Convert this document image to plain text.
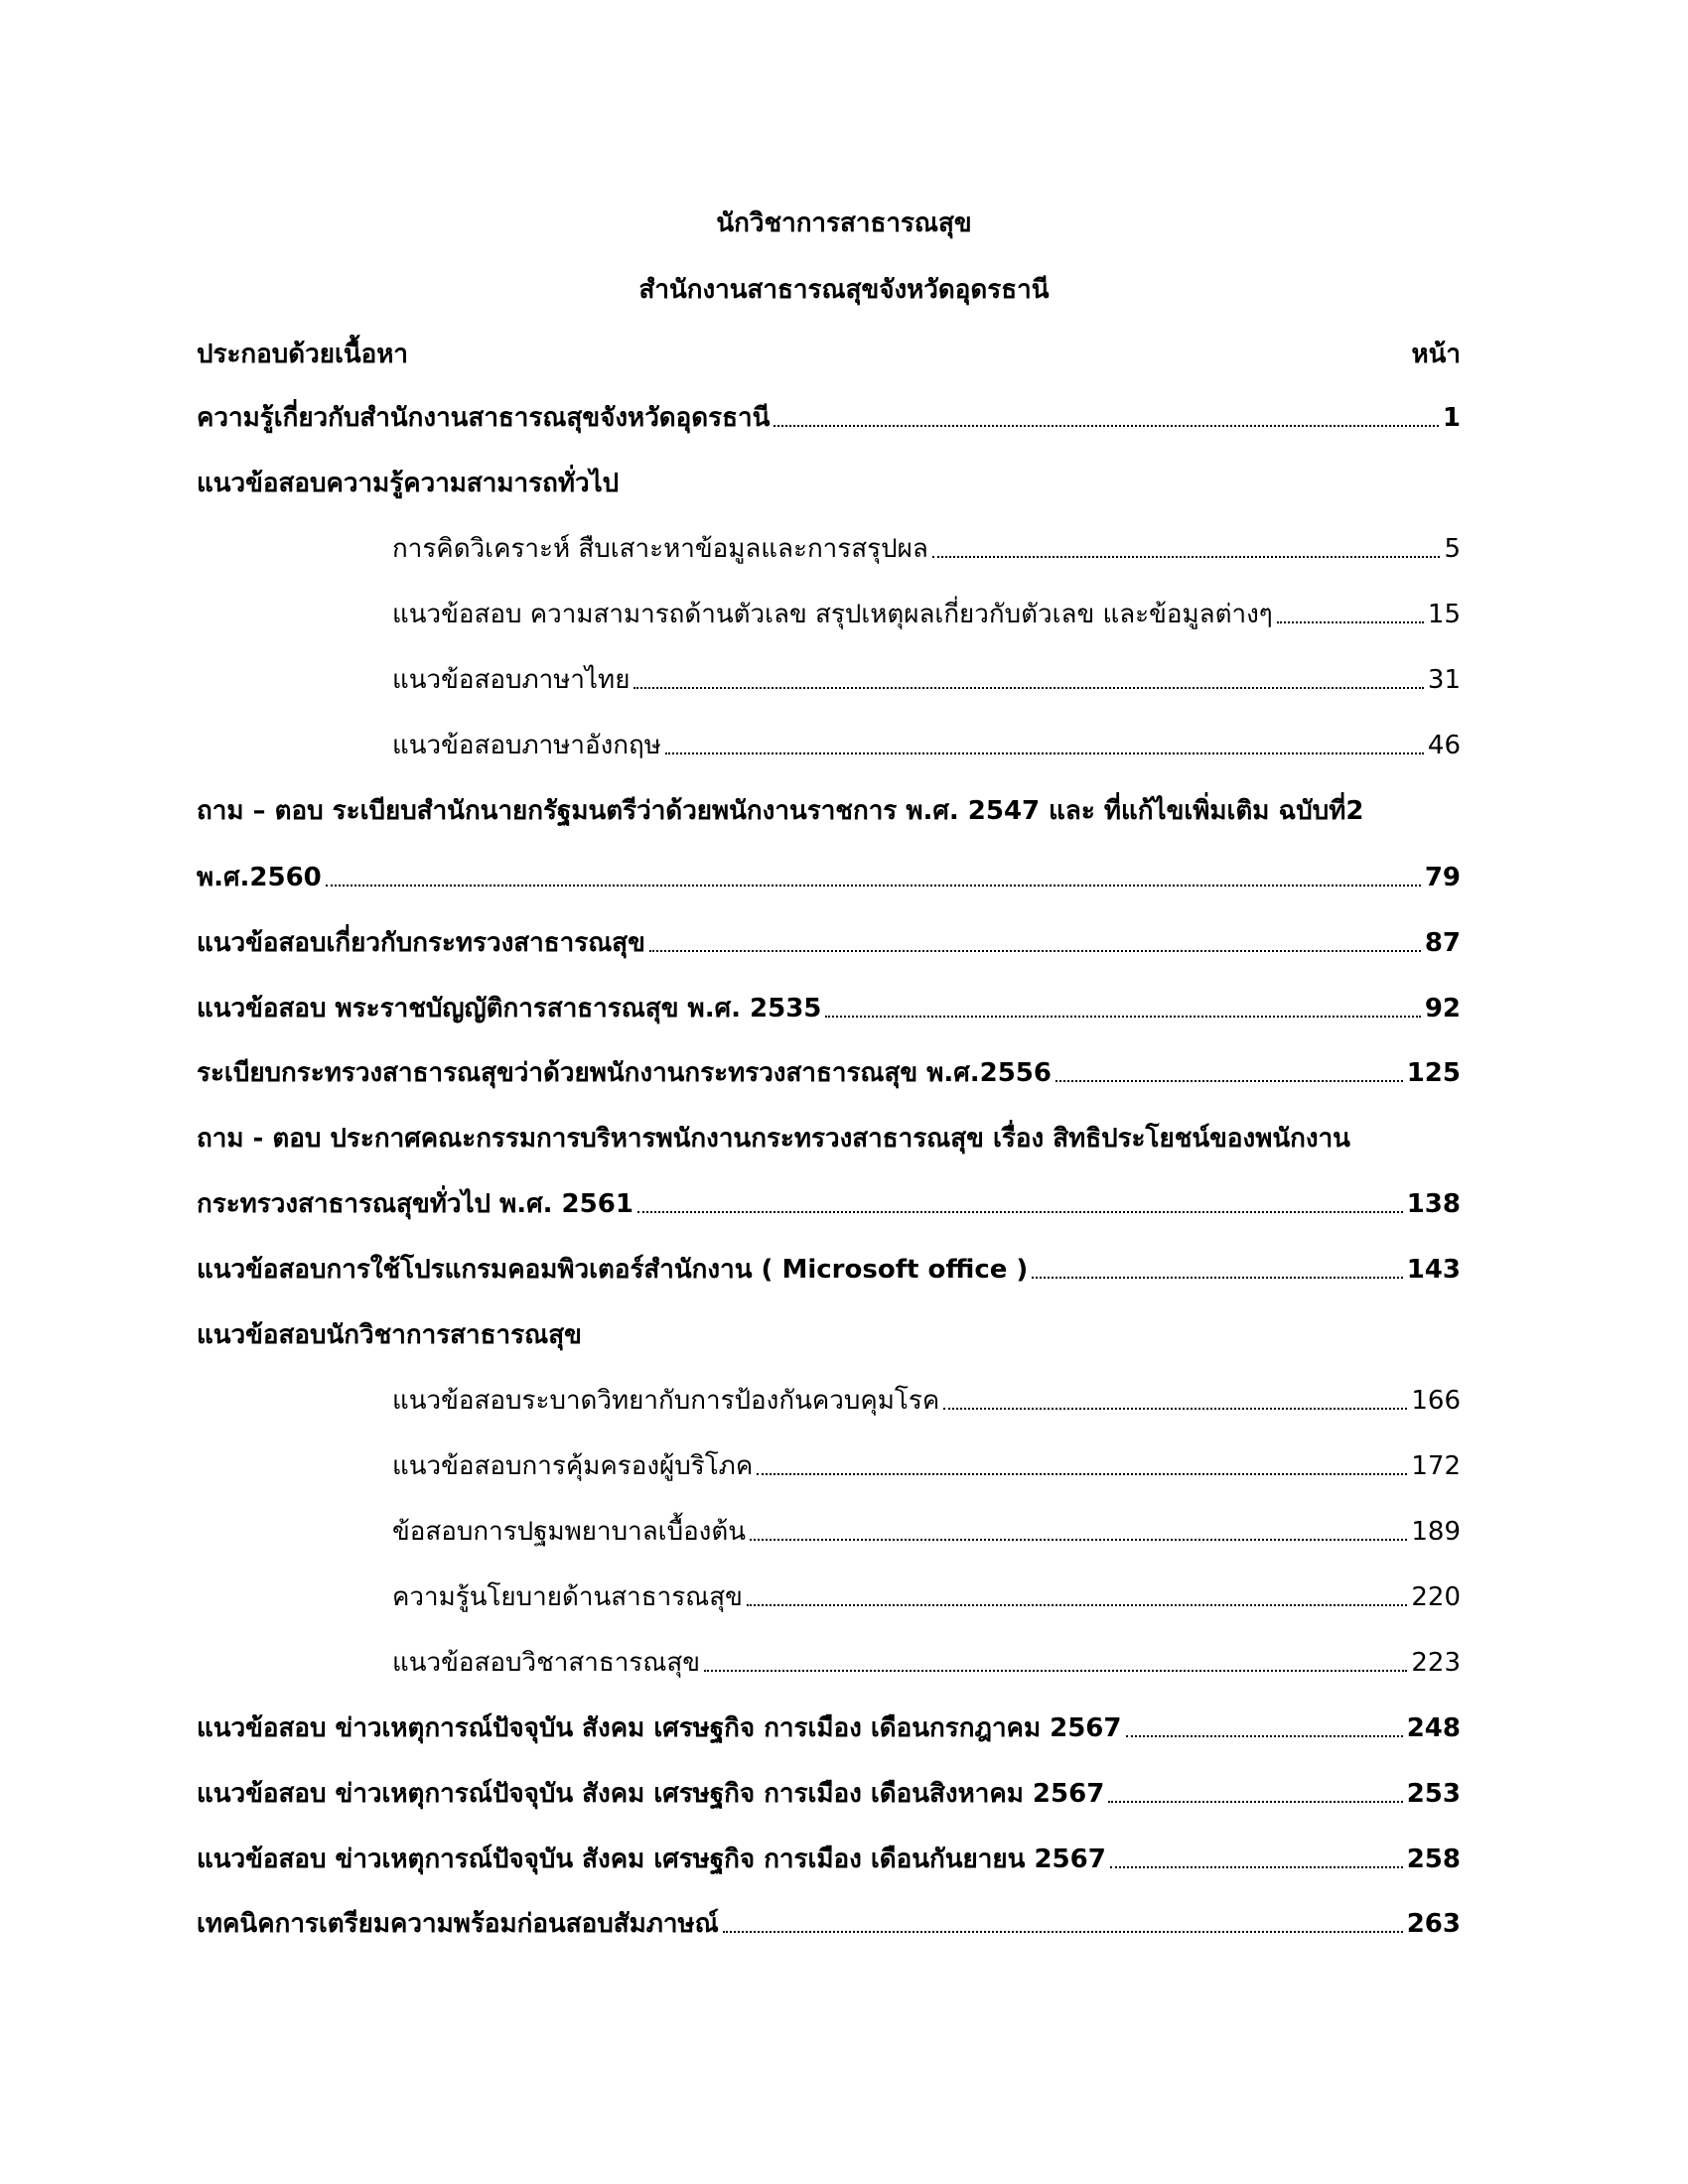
นักวิชาการสาธารณสุข
สำนักงานสาธารณสุขจังหวัดอุดรธานี
ประกอบด้วยเนื้อหา	หน้า
ความรู้เกี่ยวกับสำนักงานสาธารณสุขจังหวัดอุดรธานี	1
แนวข้อสอบความรู้ความสามารถทั่วไป
การคิดวิเคราะห์ สืบเสาะหาข้อมูลและการสรุปผล	5
แนวข้อสอบ ความสามารถด้านตัวเลข สรุปเหตุผลเกี่ยวกับตัวเลข และข้อมูลต่างๆ	15
แนวข้อสอบภาษาไทย	31
แนวข้อสอบภาษาอังกฤษ	46
ถาม – ตอบ ระเบียบสำนักนายกรัฐมนตรีว่าด้วยพนักงานราชการ พ.ศ. 2547 และ ที่แก้ไขเพิ่มเติม ฉบับที่2
พ.ศ.2560	79
แนวข้อสอบเกี่ยวกับกระทรวงสาธารณสุข	87
แนวข้อสอบ พระราชบัญญัติการสาธารณสุข พ.ศ. 2535	92
ระเบียบกระทรวงสาธารณสุขว่าด้วยพนักงานกระทรวงสาธารณสุข พ.ศ.2556	125
ถาม - ตอบ ประกาศคณะกรรมการบริหารพนักงานกระทรวงสาธารณสุข เรื่อง สิทธิประโยชน์ของพนักงาน
กระทรวงสาธารณสุขทั่วไป พ.ศ. 2561	138
แนวข้อสอบการใช้โปรแกรมคอมพิวเตอร์สำนักงาน ( Microsoft office )	143
แนวข้อสอบนักวิชาการสาธารณสุข
แนวข้อสอบระบาดวิทยากับการป้องกันควบคุมโรค	166
แนวข้อสอบการคุ้มครองผู้บริโภค	172
ข้อสอบการปฐมพยาบาลเบื้องต้น	189
ความรู้นโยบายด้านสาธารณสุข	220
แนวข้อสอบวิชาสาธารณสุข	223
แนวข้อสอบ ข่าวเหตุการณ์ปัจจุบัน สังคม เศรษฐกิจ การเมือง เดือนกรกฎาคม 2567	248
แนวข้อสอบ ข่าวเหตุการณ์ปัจจุบัน สังคม เศรษฐกิจ การเมือง เดือนสิงหาคม 2567	253
แนวข้อสอบ ข่าวเหตุการณ์ปัจจุบัน สังคม เศรษฐกิจ การเมือง เดือนกันยายน 2567	258
เทคนิคการเตรียมความพร้อมก่อนสอบสัมภาษณ์	263
